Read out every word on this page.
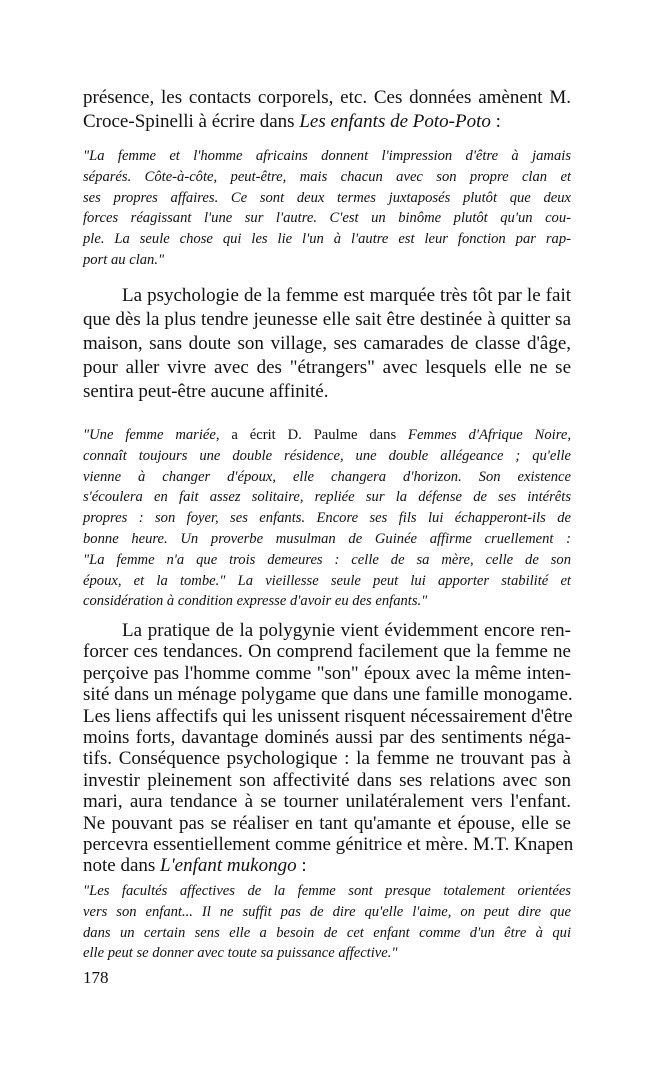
présence, les contacts corporels, etc. Ces données amènent M.
Croce-Spinelli à écrire dans Les enfants de Poto-Poto :
"La femme et l'homme africains donnent l'impression d'être à jamais
séparés. Côte-à-côte, peut-être, mais chacun avec son propre clan et
ses propres affaires. Ce sont deux termes juxtaposés plutôt que deux
forces réagissant l'une sur l'autre. C'est un binôme plutôt qu'un cou-
ple. La seule chose qui les lie l'un à l'autre est leur fonction par rap-
port au clan."
La psychologie de la femme est marquée très tôt par le fait
que dès la plus tendre jeunesse elle sait être destinée à quitter sa
maison, sans doute son village, ses camarades de classe d'âge,
pour aller vivre avec des "étrangers" avec lesquels elle ne se
sentira peut-être aucune affinité.
"Une femme mariée, a écrit D. Paulme dans Femmes d'Afrique Noire,
connaît toujours une double résidence, une double allégeance ; qu'elle
vienne à changer d'époux, elle changera d'horizon. Son existence
s'écoulera en fait assez solitaire, repliée sur la défense de ses intérêts
propres : son foyer, ses enfants. Encore ses fils lui échapperont-ils de
bonne heure. Un proverbe musulman de Guinée affirme cruellement :
"La femme n'a que trois demeures : celle de sa mère, celle de son
époux, et la tombe." La vieillesse seule peut lui apporter stabilité et
considération à condition expresse d'avoir eu des enfants."
La pratique de la polygynie vient évidemment encore ren-
forcer ces tendances. On comprend facilement que la femme ne
perçoive pas l'homme comme "son" époux avec la même inten-
sité dans un ménage polygame que dans une famille monogame.
Les liens affectifs qui les unissent risquent nécessairement d'être
moins forts, davantage dominés aussi par des sentiments néga-
tifs. Conséquence psychologique : la femme ne trouvant pas à
investir pleinement son affectivité dans ses relations avec son
mari, aura tendance à se tourner unilatéralement vers l'enfant.
Ne pouvant pas se réaliser en tant qu'amante et épouse, elle se
percevra essentiellement comme génitrice et mère. M.T. Knapen
note dans L'enfant mukongo :
"Les facultés affectives de la femme sont presque totalement orientées
vers son enfant... Il ne suffit pas de dire qu'elle l'aime, on peut dire que
dans un certain sens elle a besoin de cet enfant comme d'un être à qui
elle peut se donner avec toute sa puissance affective."
178
